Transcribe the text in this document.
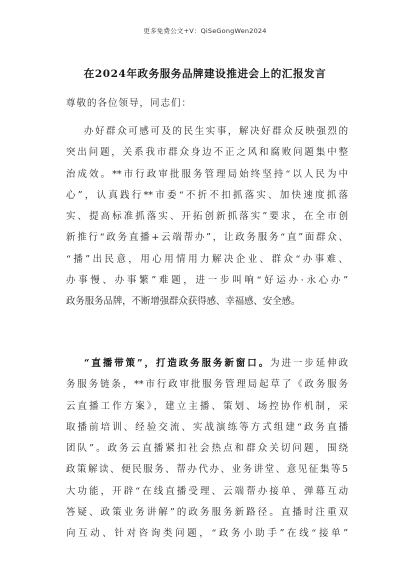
更多免费公文+V：QiSeGongWen2024
在2024年政务服务品牌建设推进会上的汇报发言
尊敬的各位领导，同志们：
办好群众可感可及的民生实事，解决好群众反映强烈的
突出问题，关系我市群众身边不正之风和腐败问题集中整
治成效。**市行政审批服务管理局始终坚持“以人民为中
心”，认真践行**市委“不折不扣抓落实、加快速度抓落
实、提高标准抓落实、开拓创新抓落实”要求，在全市创
新推行“政务直播+云端帮办”，让政务服务“直”面群众、
“播”出民意，用心用情用力解决企业、群众“办事难、
办事慢、办事繁”难题，进一步叫响“好运办·永心办”
政务服务品牌，不断增强群众获得感、幸福感、安全感。
“直播带策”，打造政务服务新窗口。为进一步延伸政
务服务链条，**市行政审批服务管理局起草了《政务服务
云直播工作方案》，建立主播、策划、场控协作机制，采
取播前培训、经验交流、实战演练等方式组建“政务直播
团队”。政务云直播紧扣社会热点和群众关切问题，围绕
政策解读、便民服务、帮办代办、业务讲堂、意见征集等5
大功能，开辟“在线直播受理、云端帮办接单、弹幕互动
答疑、政策业务讲解”的政务服务新路径。直播时注重双
向互动、针对咨询类问题，“政务小助手”在线“接单”
